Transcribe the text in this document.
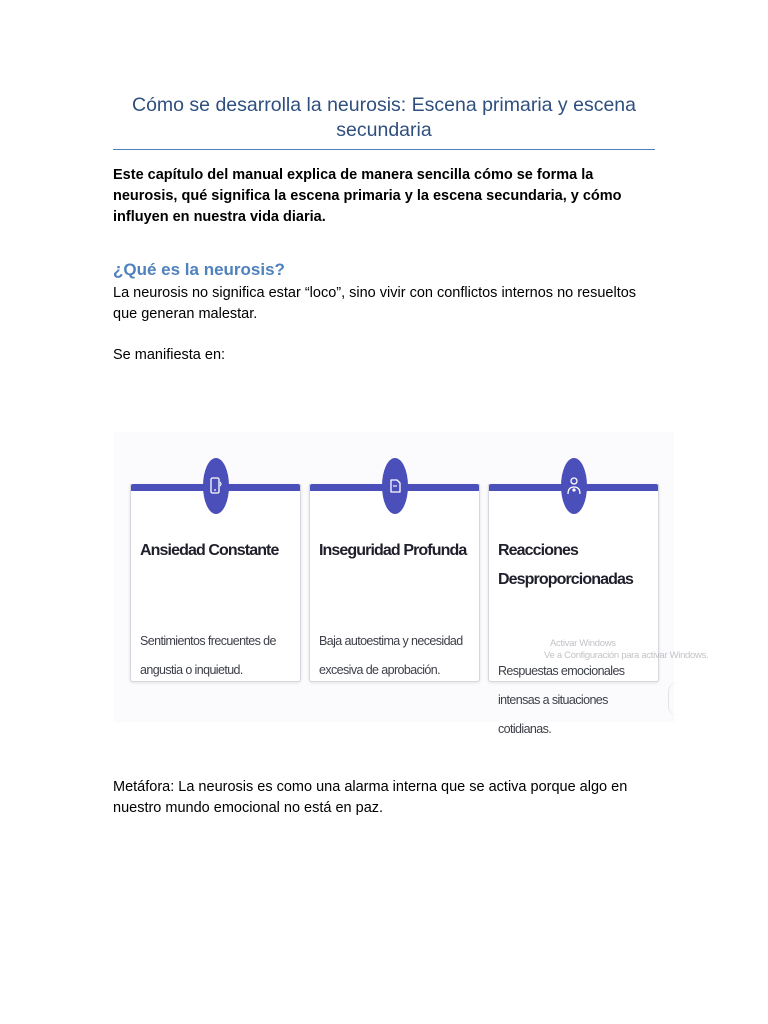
Cómo se desarrolla la neurosis: Escena primaria y escena secundaria
Este capítulo del manual explica de manera sencilla cómo se forma la neurosis, qué significa la escena primaria y la escena secundaria, y cómo influyen en nuestra vida diaria.
¿Qué es la neurosis?
La neurosis no significa estar “loco”, sino vivir con conflictos internos no resueltos que generan malestar.
Se manifiesta en:
Ansiedad Constante
Sentimientos frecuentes de angustia o inquietud.
Inseguridad Profunda
Baja autoestima y necesidad excesiva de aprobación.
Reacciones Desproporcionadas
Respuestas emocionales intensas a situaciones cotidianas.
Activar Windows
Ve a Configuración para activar Windows.
Metáfora: La neurosis es como una alarma interna que se activa porque algo en nuestro mundo emocional no está en paz.
